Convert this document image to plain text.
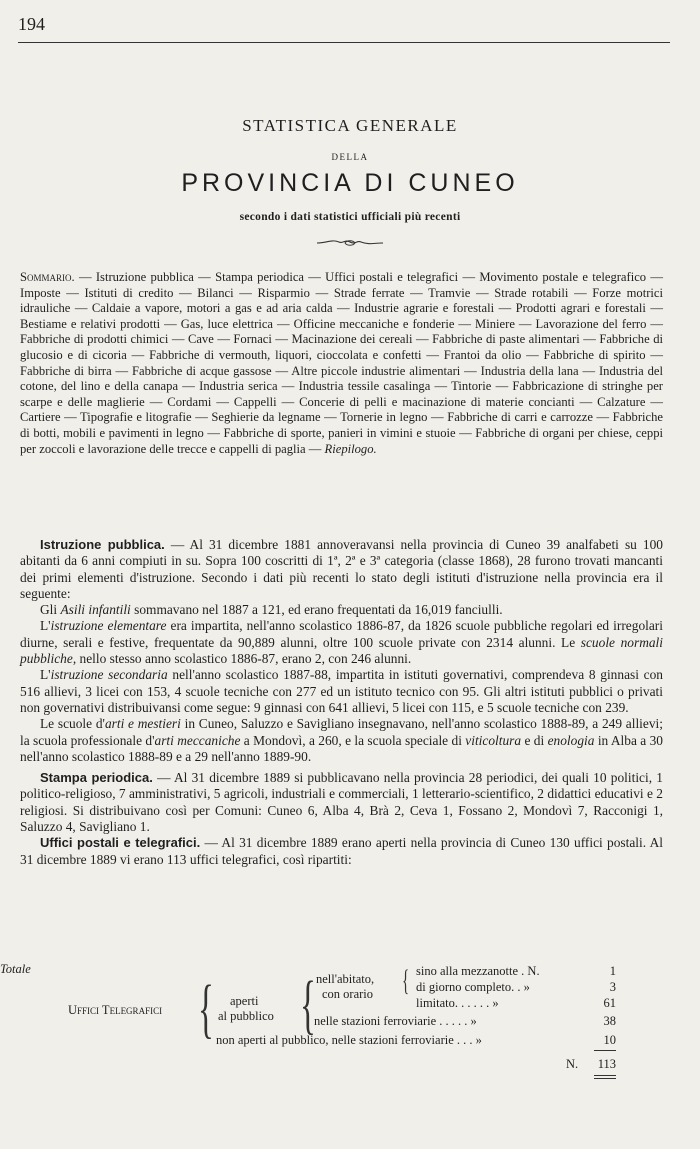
194
STATISTICA GENERALE
DELLA
PROVINCIA DI CUNEO
secondo i dati statistici ufficiali più recenti
Sommario. — Istruzione pubblica — Stampa periodica — Uffici postali e telegrafici — Movimento postale e telegrafico — Imposte — Istituti di credito — Bilanci — Risparmio — Strade ferrate — Tramvie — Strade rotabili — Forze motrici idrauliche — Caldaie a vapore, motori a gas e ad aria calda — Industrie agrarie e forestali — Prodotti agrari e forestali — Bestiame e relativi prodotti — Gas, luce elettrica — Officine meccaniche e fonderie — Miniere — Lavorazione del ferro — Fabbriche di prodotti chimici — Cave — Fornaci — Macinazione dei cereali — Fabbriche di paste alimentari — Fabbriche di glucosio e di cicoria — Fabbriche di vermouth, liquori, cioccolata e confetti — Frantoi da olio — Fabbriche di spirito — Fabbriche di birra — Fabbriche di acque gassose — Altre piccole industrie alimentari — Industria della lana — Industria del cotone, del lino e della canapa — Industria serica — Industria tessile casalinga — Tintorie — Fabbricazione di stringhe per scarpe e delle maglierie — Cordami — Cappelli — Concerie di pelli e macinazione di materie concianti — Calzature — Cartiere — Tipografie e litografie — Seghierie da legname — Tornerie in legno — Fabbriche di carri e carrozze — Fabbriche di botti, mobili e pavimenti in legno — Fabbriche di sporte, panieri in vimini e stuoie — Fabbriche di organi per chiese, ceppi per zoccoli e lavorazione delle trecce e cappelli di paglia — Riepilogo.

Istruzione pubblica. — Al 31 dicembre 1881 annoveravansi nella provincia di Cuneo 39 analfabeti su 100 abitanti da 6 anni compiuti in su. Sopra 100 coscritti di 1ª, 2ª e 3ª categoria (classe 1868), 28 furono trovati mancanti dei primi elementi d'istruzione. Secondo i dati più recenti lo stato degli istituti d'istruzione nella provincia era il seguente:

Gli Asili infantili sommavano nel 1887 a 121, ed erano frequentati da 16,019 fanciulli.

L'istruzione elementare era impartita, nell'anno scolastico 1886-87, da 1826 scuole pubbliche regolari ed irregolari diurne, serali e festive, frequentate da 90,889 alunni, oltre 100 scuole private con 2314 alunni. Le scuole normali pubbliche, nello stesso anno scolastico 1886-87, erano 2, con 246 alunni.

L'istruzione secondaria nell'anno scolastico 1887-88, impartita in istituti governativi, comprendeva 8 ginnasi con 516 allievi, 3 licei con 153, 4 scuole tecniche con 277 ed un istituto tecnico con 95. Gli altri istituti pubblici o privati non governativi distribuivansi come segue: 9 ginnasi con 641 allievi, 5 licei con 115, e 5 scuole tecniche con 239.

Le scuole d'arti e mestieri in Cuneo, Saluzzo e Savigliano insegnavano, nell'anno scolastico 1888-89, a 249 allievi; la scuola professionale d'arti meccaniche a Mondovì, a 260, e la scuola speciale di viticoltura e di enologia in Alba a 30 nell'anno scolastico 1888-89 e a 29 nell'anno 1889-90.

Stampa periodica. — Al 31 dicembre 1889 si pubblicavano nella provincia 28 periodici, dei quali 10 politici, 1 politico-religioso, 7 amministrativi, 5 agricoli, industriali e commerciali, 1 letterario-scientifico, 2 didattici educativi e 2 religiosi. Si distribuivano così per Comuni: Cuneo 6, Alba 4, Brà 2, Ceva 1, Fossano 2, Mondovì 7, Racconigi 1, Saluzzo 4, Savigliano 1.

Uffici postali e telegrafici. — Al 31 dicembre 1889 erano aperti nella provincia di Cuneo 130 uffici postali. Al 31 dicembre 1889 vi erano 113 uffici telegrafici, così ripartiti:

Uffici Telegrafici { aperti
al pubblico { nell'abitato,
con orario { sino alla mezzanotte . N.	1
di giorno completo. . »	3
limitato. . . . . . »	61
nelle stazioni ferroviarie . . . . . »	38
non aperti al pubblico, nelle stazioni ferroviarie . . . »	10
Totale
N.	113
